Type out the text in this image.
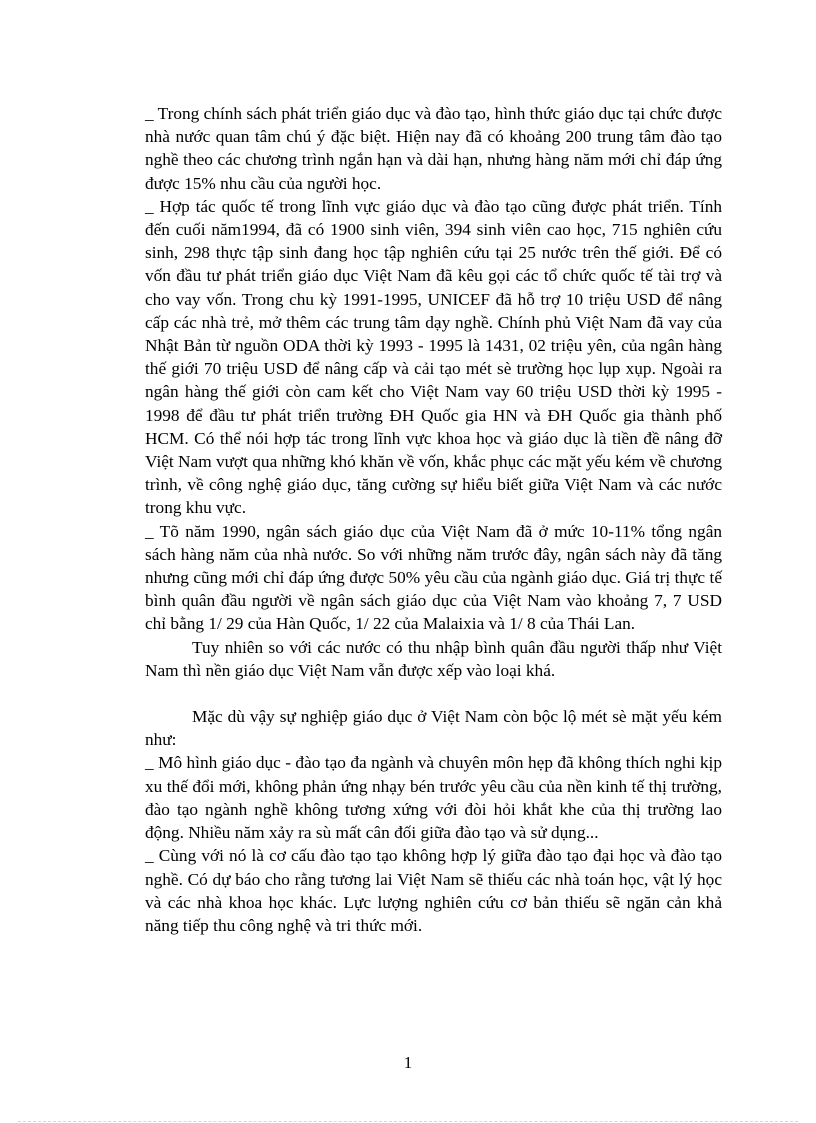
_ Trong chính sách phát triển giáo dục và đào tạo, hình thức giáo dục tại chức được nhà nước quan tâm chú ý đặc biệt. Hiện nay đã có khoảng 200 trung tâm đào tạo nghề theo các chương trình ngắn hạn và dài hạn, nhưng hàng năm mới chỉ đáp ứng được 15% nhu cầu của người học.

_ Hợp tác quốc tế trong lĩnh vực giáo dục và đào tạo cũng được phát triển. Tính đến cuối năm1994, đã có 1900 sinh viên, 394 sinh viên cao học, 715 nghiên cứu sinh, 298 thực tập sinh đang học tập nghiên cứu tại 25 nước trên thế giới. Để có vốn đầu tư phát triển giáo dục Việt Nam đã kêu gọi các tổ chức quốc tế tài trợ và cho vay vốn. Trong chu kỳ 1991-1995, UNICEF đã hỗ trợ 10 triệu USD để nâng cấp các nhà trẻ, mở thêm các trung tâm dạy nghề. Chính phủ Việt Nam đã vay của Nhật Bản từ nguồn ODA thời kỳ 1993 - 1995 là 1431, 02 triệu yên, của ngân hàng thế giới 70 triệu USD để nâng cấp và cải tạo mét sè trường học lụp xụp. Ngoài ra ngân hàng thế giới còn cam kết cho Việt Nam vay 60 triệu USD thời kỳ 1995 - 1998 để đầu tư phát triển trường ĐH Quốc gia HN và ĐH Quốc gia thành phố HCM. Có thể nói hợp tác trong lĩnh vực khoa học và giáo dục là tiền đề nâng đỡ Việt Nam vượt qua những khó khăn về vốn, khắc phục các mặt yếu kém về chương trình, về công nghệ giáo dục, tăng cường sự hiểu biết giữa Việt Nam và các nước trong khu vực.

_ Tõ năm 1990, ngân sách giáo dục của Việt Nam đã ở mức 10-11% tổng ngân sách hàng năm của nhà nước. So với những năm trước đây, ngân sách này đã tăng nhưng cũng mới chỉ đáp ứng được 50% yêu cầu của ngành giáo dục. Giá trị thực tế bình quân đầu người về ngân sách giáo dục của Việt Nam vào khoảng 7, 7 USD chỉ bằng 1/ 29 của Hàn Quốc, 1/ 22 của Malaixia và 1/ 8 của Thái Lan.

Tuy nhiên so với các nước có thu nhập bình quân đầu người thấp như Việt Nam thì nền giáo dục Việt Nam vẫn được xếp vào loại khá.

Mặc dù vậy sự nghiệp giáo dục ở Việt Nam còn bộc lộ mét sè mặt yếu kém như:

_ Mô hình giáo dục - đào tạo đa ngành và chuyên môn hẹp đã không thích nghi kịp xu thế đổi mới, không phản ứng nhạy bén trước yêu cầu của nền kinh tế thị trường, đào tạo ngành nghề không tương xứng với đòi hỏi khắt khe của thị trường lao động. Nhiều năm xảy ra sù mất cân đối giữa đào tạo và sử dụng...

_ Cùng với nó là cơ cấu đào tạo tạo không hợp lý giữa đào tạo đại học và đào tạo nghề. Có dự báo cho rằng tương lai Việt Nam sẽ thiếu các nhà toán học, vật lý học và các nhà khoa học khác. Lực lượng nghiên cứu cơ bản thiếu sẽ ngăn cản khả năng tiếp thu công nghệ và tri thức mới.

1
